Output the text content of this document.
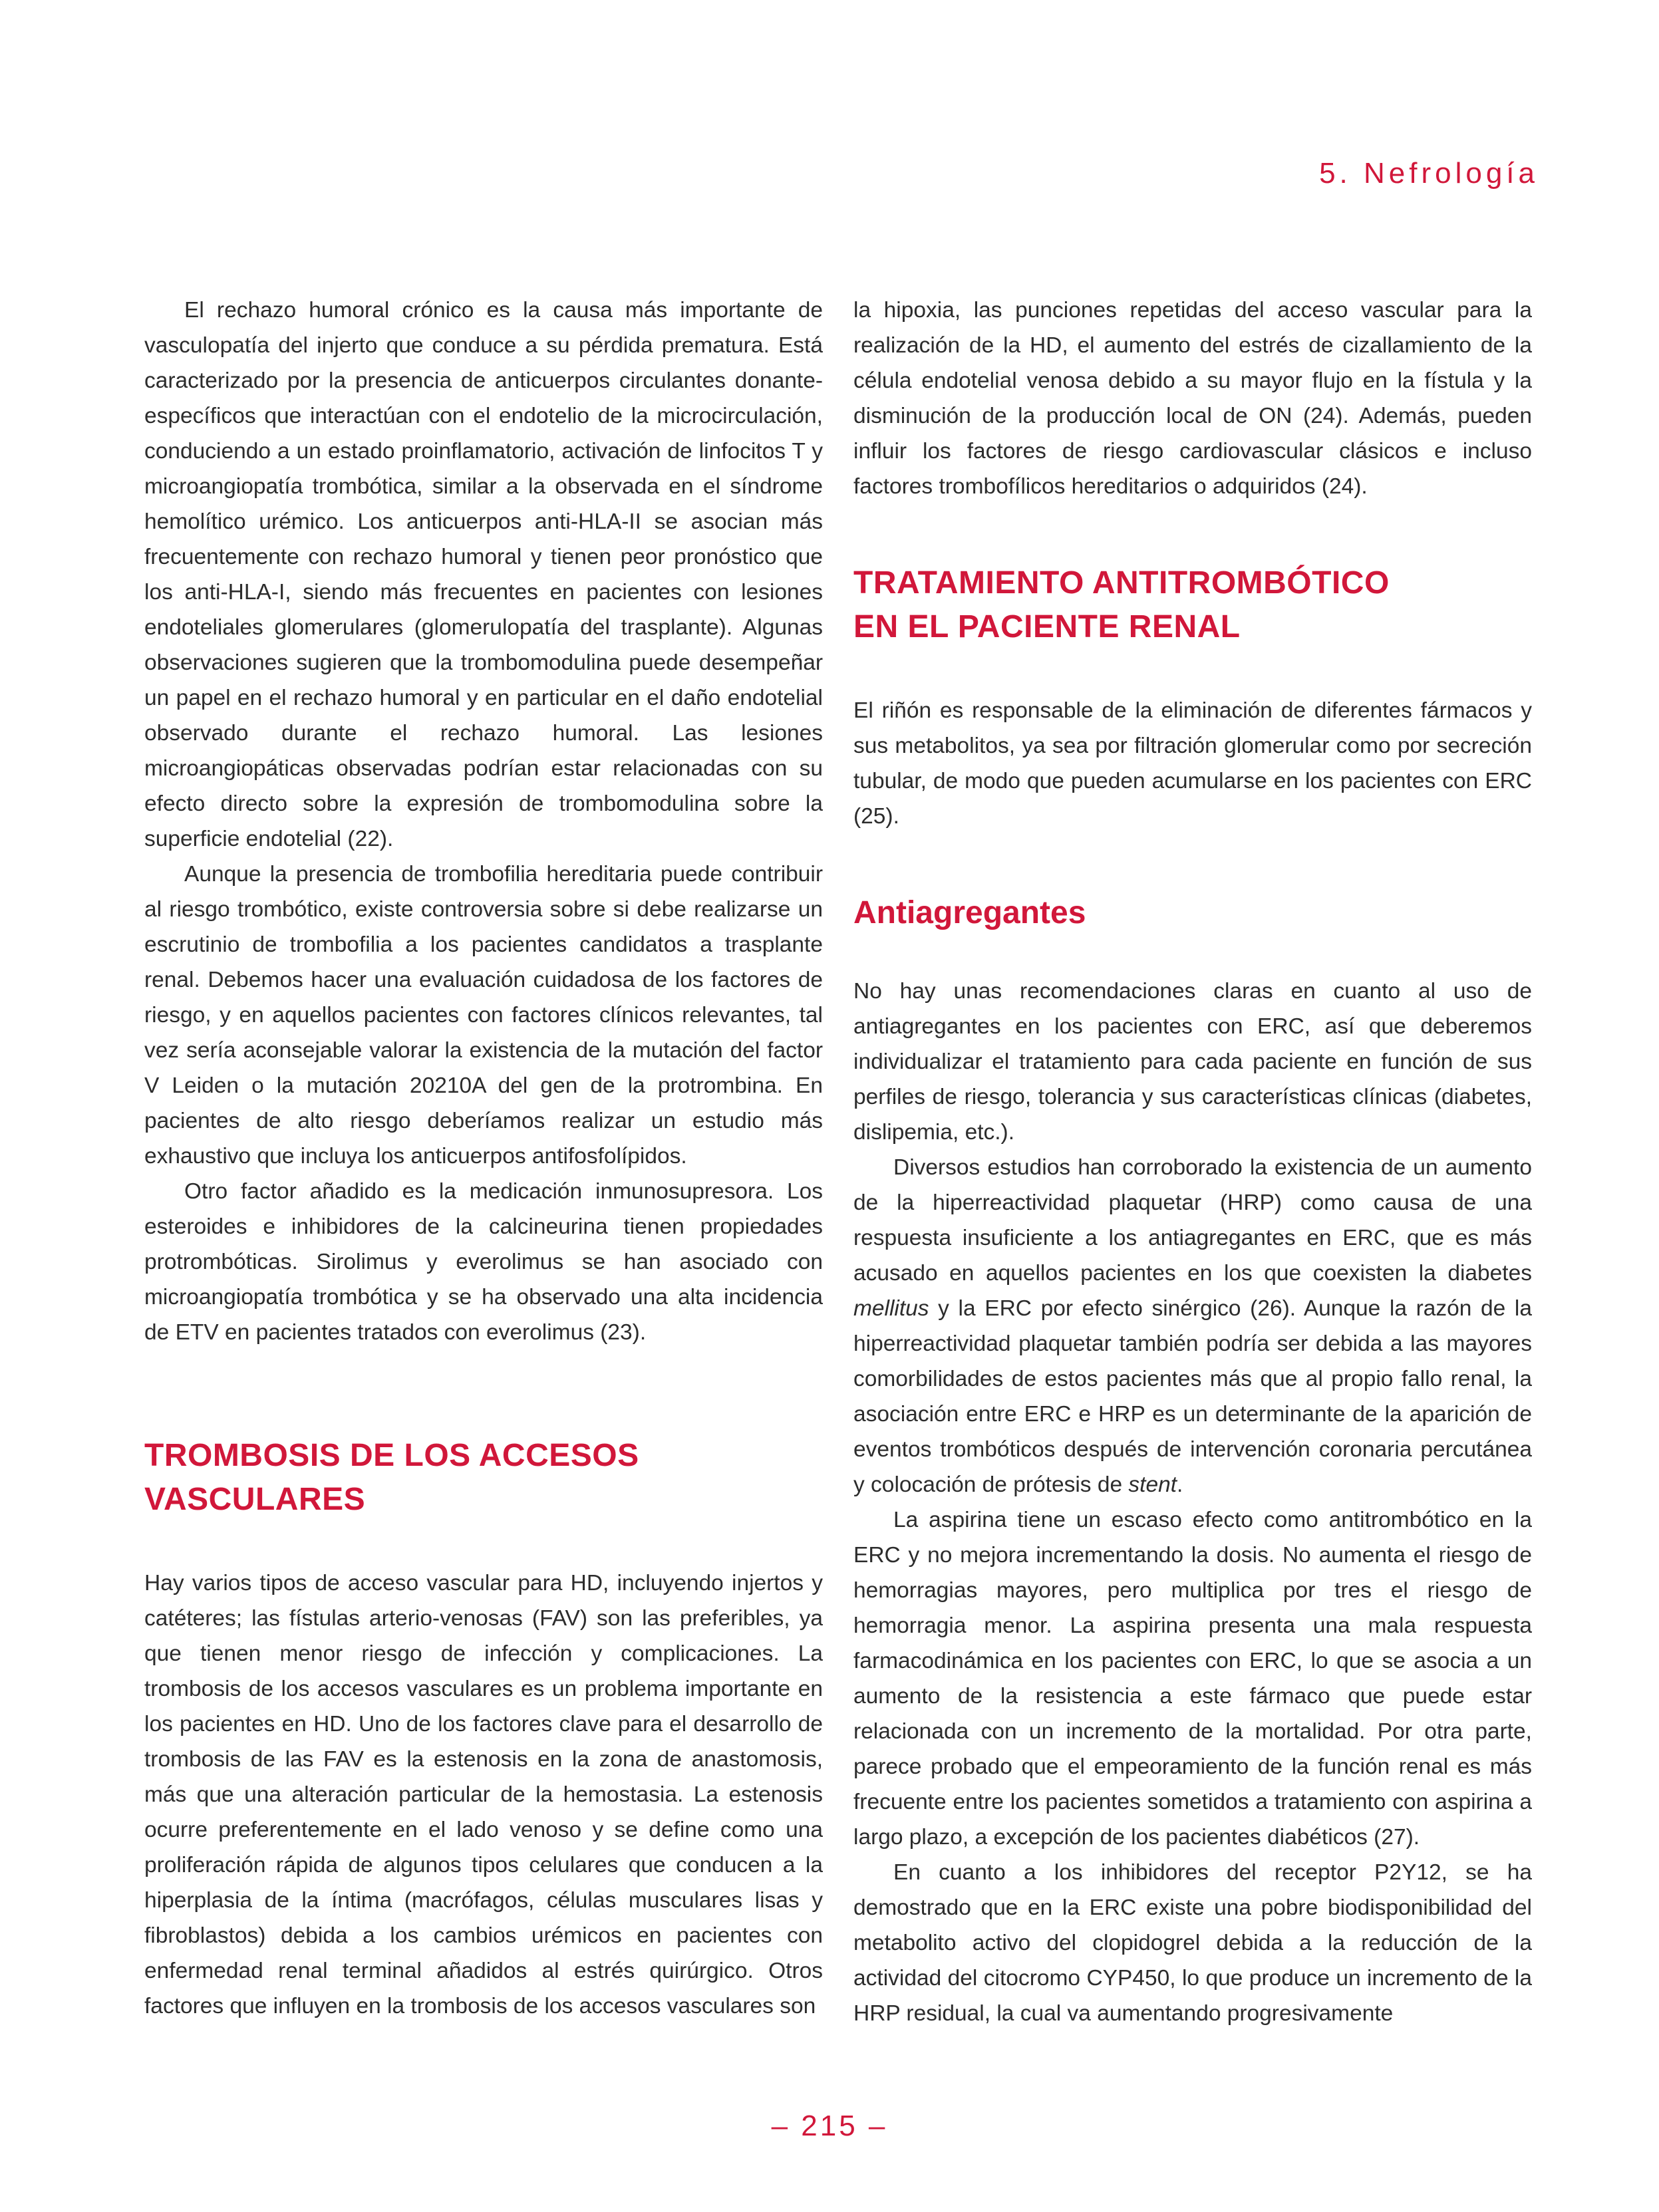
5. Nefrología

El rechazo humoral crónico es la causa más importante de vasculopatía del injerto que conduce a su pérdida prematura. Está caracterizado por la presencia de anticuerpos circulantes donante-específicos que interactúan con el endotelio de la microcirculación, conduciendo a un estado proinflamatorio, activación de linfocitos T y microangiopatía trombótica, similar a la observada en el síndrome hemolítico urémico. Los anticuerpos anti-HLA-II se asocian más frecuentemente con rechazo humoral y tienen peor pronóstico que los anti-HLA-I, siendo más frecuentes en pacientes con lesiones endoteliales glomerulares (glomerulopatía del trasplante). Algunas observaciones sugieren que la trombomodulina puede desempeñar un papel en el rechazo humoral y en particular en el daño endotelial observado durante el rechazo humoral. Las lesiones microangiopáticas observadas podrían estar relacionadas con su efecto directo sobre la expresión de trombomodulina sobre la superficie endotelial (22).

Aunque la presencia de trombofilia hereditaria puede contribuir al riesgo trombótico, existe controversia sobre si debe realizarse un escrutinio de trombofilia a los pacientes candidatos a trasplante renal. Debemos hacer una evaluación cuidadosa de los factores de riesgo, y en aquellos pacientes con factores clínicos relevantes, tal vez sería aconsejable valorar la existencia de la mutación del factor V Leiden o la mutación 20210A del gen de la protrombina. En pacientes de alto riesgo deberíamos realizar un estudio más exhaustivo que incluya los anticuerpos antifosfolípidos.

Otro factor añadido es la medicación inmunosupresora. Los esteroides e inhibidores de la calcineurina tienen propiedades protrombóticas. Sirolimus y everolimus se han asociado con microangiopatía trombótica y se ha observado una alta incidencia de ETV en pacientes tratados con everolimus (23).

TROMBOSIS DE LOS ACCESOS
VASCULARES

Hay varios tipos de acceso vascular para HD, incluyendo injertos y catéteres; las fístulas arterio-venosas (FAV) son las preferibles, ya que tienen menor riesgo de infección y complicaciones. La trombosis de los accesos vasculares es un problema importante en los pacientes en HD. Uno de los factores clave para el desarrollo de trombosis de las FAV es la estenosis en la zona de anastomosis, más que una alteración particular de la hemostasia. La estenosis ocurre preferentemente en el lado venoso y se define como una proliferación rápida de algunos tipos celulares que conducen a la hiperplasia de la íntima (macrófagos, células musculares lisas y fibroblastos) debida a los cambios urémicos en pacientes con enfermedad renal terminal añadidos al estrés quirúrgico. Otros factores que influyen en la trombosis de los accesos vasculares son

la hipoxia, las punciones repetidas del acceso vascular para la realización de la HD, el aumento del estrés de cizallamiento de la célula endotelial venosa debido a su mayor flujo en la fístula y la disminución de la producción local de ON (24). Además, pueden influir los factores de riesgo cardiovascular clásicos e incluso factores trombofílicos hereditarios o adquiridos (24).

TRATAMIENTO ANTITROMBÓTICO
EN EL PACIENTE RENAL

El riñón es responsable de la eliminación de diferentes fármacos y sus metabolitos, ya sea por filtración glomerular como por secreción tubular, de modo que pueden acumularse en los pacientes con ERC (25).

Antiagregantes

No hay unas recomendaciones claras en cuanto al uso de antiagregantes en los pacientes con ERC, así que deberemos individualizar el tratamiento para cada paciente en función de sus perfiles de riesgo, tolerancia y sus características clínicas (diabetes, dislipemia, etc.).

Diversos estudios han corroborado la existencia de un aumento de la hiperreactividad plaquetar (HRP) como causa de una respuesta insuficiente a los antiagregantes en ERC, que es más acusado en aquellos pacientes en los que coexisten la diabetes mellitus y la ERC por efecto sinérgico (26). Aunque la razón de la hiperreactividad plaquetar también podría ser debida a las mayores comorbilidades de estos pacientes más que al propio fallo renal, la asociación entre ERC e HRP es un determinante de la aparición de eventos trombóticos después de intervención coronaria percutánea y colocación de prótesis de stent.

La aspirina tiene un escaso efecto como antitrombótico en la ERC y no mejora incrementando la dosis. No aumenta el riesgo de hemorragias mayores, pero multiplica por tres el riesgo de hemorragia menor. La aspirina presenta una mala respuesta farmacodinámica en los pacientes con ERC, lo que se asocia a un aumento de la resistencia a este fármaco que puede estar relacionada con un incremento de la mortalidad. Por otra parte, parece probado que el empeoramiento de la función renal es más frecuente entre los pacientes sometidos a tratamiento con aspirina a largo plazo, a excepción de los pacientes diabéticos (27).

En cuanto a los inhibidores del receptor P2Y12, se ha demostrado que en la ERC existe una pobre biodisponibilidad del metabolito activo del clopidogrel debida a la reducción de la actividad del citocromo CYP450, lo que produce un incremento de la HRP residual, la cual va aumentando progresivamente

– 215 –
